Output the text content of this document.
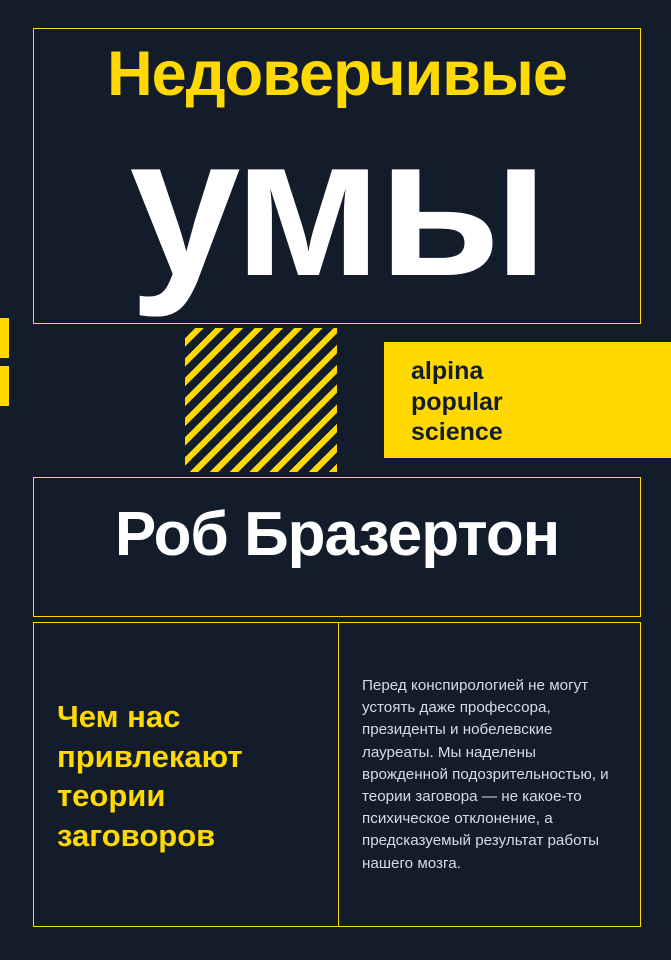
Недоверчивые
умы
alpina
popular
science
Роб Бразертон
Чем нас привлекают теории заговоров
Перед конспирологией не могут устоять даже профессора, президенты и нобелевские лауреаты. Мы наделены врожденной подозрительностью, и теории заговора — не какое-то психическое отклонение, а предсказуемый результат работы нашего мозга.
